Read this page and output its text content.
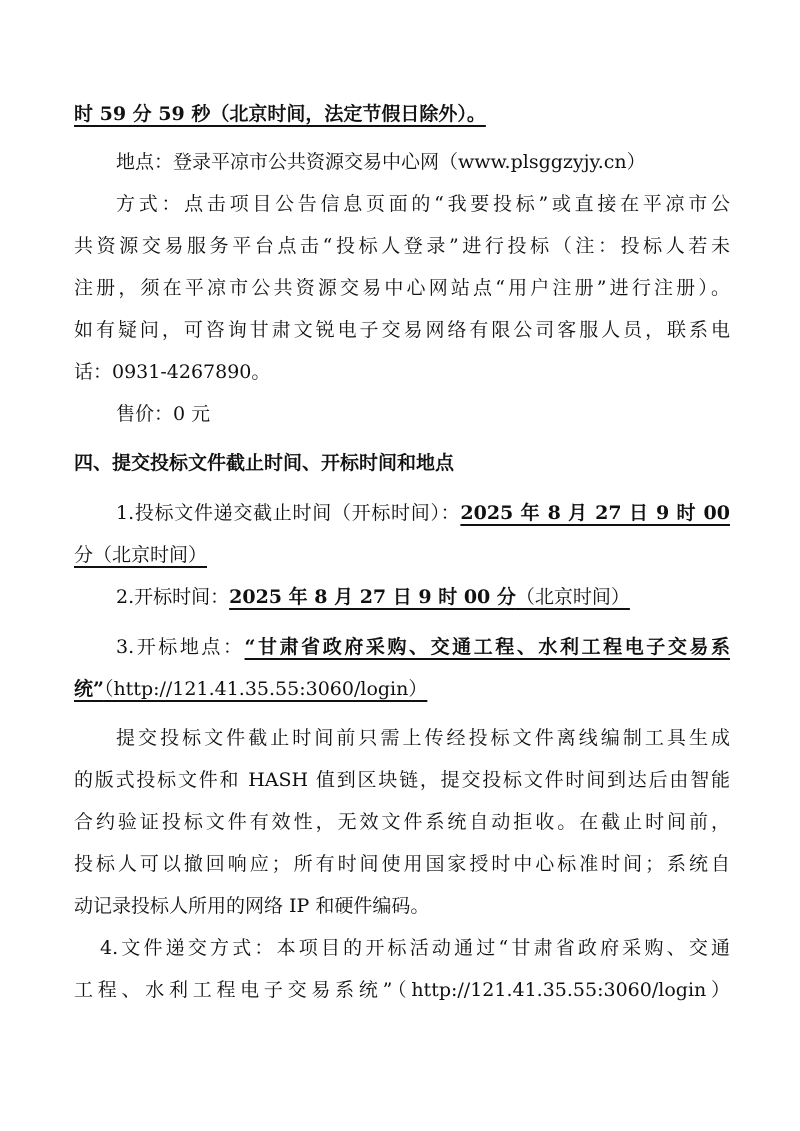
时 59 分 59 秒（北京时间，法定节假日除外）。
地点：登录平凉市公共资源交易中心网（www.plsggzyjy.cn）
方式：点击项目公告信息页面的“我要投标”或直接在平凉市公
共资源交易服务平台点击“投标人登录”进行投标（注：投标人若未
注册，须在平凉市公共资源交易中心网站点“用户注册”进行注册）。
如有疑问，可咨询甘肃文锐电子交易网络有限公司客服人员，联系电
话：0931-4267890。
售价：0 元
四、提交投标文件截止时间、开标时间和地点
1.投标文件递交截止时间（开标时间）：2025 年 8 月 27 日 9 时 00
分（北京时间）
2.开标时间：2025 年 8 月 27 日 9 时 00 分（北京时间）
3.开标地点：“甘肃省政府采购、交通工程、水利工程电子交易系
统”（http://121.41.35.55:3060/login）
提交投标文件截止时间前只需上传经投标文件离线编制工具生成
的版式投标文件和 HASH 值到区块链，提交投标文件时间到达后由智能
合约验证投标文件有效性，无效文件系统自动拒收。在截止时间前，
投标人可以撤回响应；所有时间使用国家授时中心标准时间；系统自
动记录投标人所用的网络 IP 和硬件编码。
4.文件递交方式：本项目的开标活动通过“甘肃省政府采购、交通
工程、水利工程电子交易系统”（http://121.41.35.55:3060/login）
